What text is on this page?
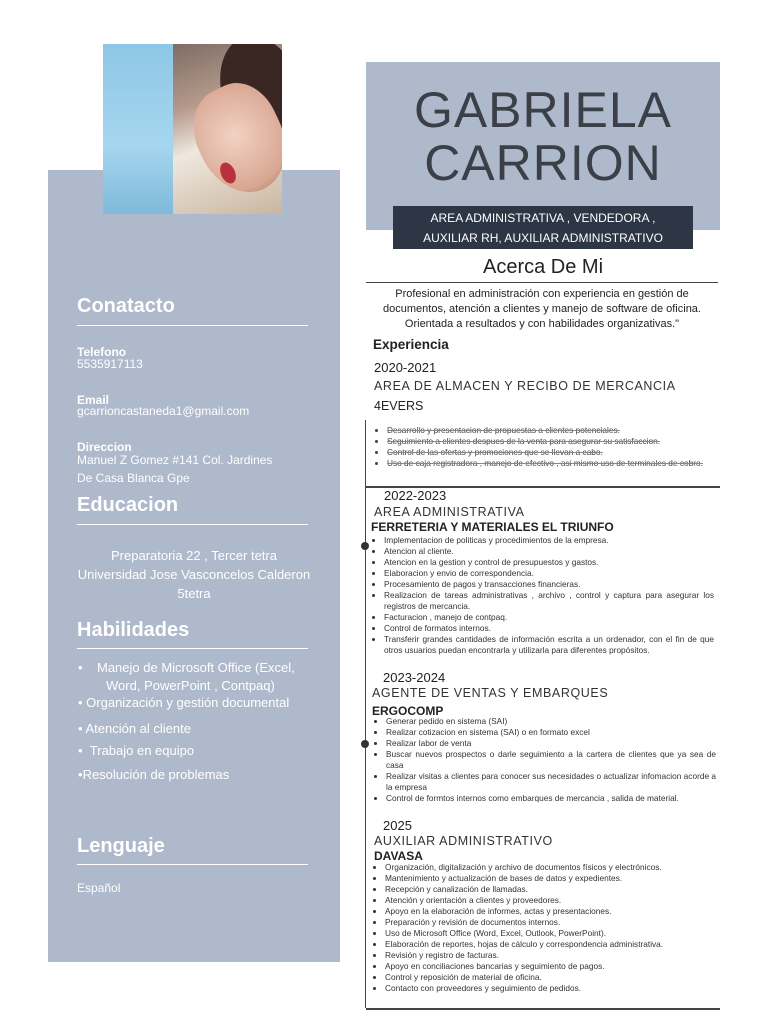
Conatacto
Telefono
5535917113
Email
gcarrioncastaneda1@gmail.com
Direccion
Manuel Z Gomez #141 Col. Jardines
De Casa Blanca Gpe
Educacion
Preparatoria 22 , Tercer tetra
Universidad Jose Vasconcelos Calderon
5tetra
Habilidades
•    Manejo de Microsoft Office (Excel,
Word, PowerPoint , Contpaq)
• Organización y gestión documental
• Atención al cliente
•  Trabajo en equipo
•Resolución de problemas
Lenguaje
Español
GABRIELA
CARRION
AREA ADMINISTRATIVA , VENDEDORA ,
AUXILIAR RH, AUXILIAR ADMINISTRATIVO
Acerca De Mi
Profesional en administración con experiencia en gestión de documentos, atención a clientes y manejo de software de oficina. Orientada a resultados y con habilidades organizativas."
Experiencia
2020-2021
AREA DE ALMACEN Y RECIBO DE MERCANCIA
4EVERS
• Desarrollo y presentacion de propuestas a clientes potenciales.
• Seguimiento a clientes despues de la venta para asegurar su satisfaccion.
• Control de las ofertas y promociones que se llevan a cabo.
• Uso de caja registradora , manejo de efectivo , asi mismo uso de terminales de cobro.
2022-2023
AREA ADMINISTRATIVA
FERRETERIA Y MATERIALES EL TRIUNFO
• Implementacion de politicas y procedimientos de la empresa.
• Atencion al cliente.
• Atencion en la gestion y control de presupuestos y gastos.
• Elaboracion y envio de correspondencia.
• Procesamiento de pagos y transacciones financieras.
• Realizacion de tareas administrativas , archivo , control y captura para asegurar los registros de mercancia.
• Facturacion , manejo de contpaq.
• Control de formatos internos.
• Transferir grandes cantidades de información escrita a un ordenador, con el fin de que otros usuarios puedan encontrarla y utilizarla para diferentes propósitos.
2023-2024
AGENTE DE VENTAS Y EMBARQUES
ERGOCOMP
• Generar pedido en sistema (SAI)
• Realizar cotizacion en sistema (SAI) o en formato excel
• Realizar labor de venta
• Buscar nuevos prospectos o darle seguimiento a la cartera de clientes que ya sea de casa
• Realizar visitas a clientes para conocer sus necesidades o actualizar infomacion acorde a la empresa
• Control de formtos internos como embarques de mercancia , salida de material.
2025
AUXILIAR ADMINISTRATIVO
DAVASA
• Organización, digitalización y archivo de documentos físicos y electrónicos.
• Mantenimiento y actualización de bases de datos y expedientes.
• Recepción y canalización de llamadas.
• Atención y orientación a clientes y proveedores.
• Apoyo en la elaboración de informes, actas y presentaciones.
• Preparación y revisión de documentos internos.
• Uso de Microsoft Office (Word, Excel, Outlook, PowerPoint).
• Elaboración de reportes, hojas de cálculo y correspondencia administrativa.
• Revisión y registro de facturas.
• Apoyo en conciliaciones bancarias y seguimiento de pagos.
• Control y reposición de material de oficina.
• Contacto con proveedores y seguimiento de pedidos.
